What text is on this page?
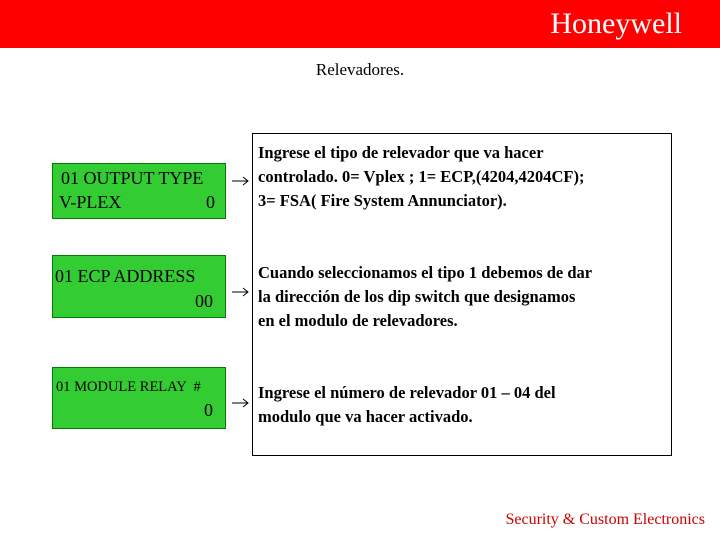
Honeywell
Relevadores.
01 OUTPUT TYPE
V-PLEX	0
01 ECP ADDRESS
00
01 MODULE RELAY  #
0
Ingrese el tipo de relevador que va hacer
controlado. 0= Vplex ; 1= ECP,(4204,4204CF);
3= FSA( Fire System Annunciator).
Cuando seleccionamos el tipo 1 debemos de dar
la dirección de los dip switch que designamos
en el modulo de relevadores.
Ingrese el número de relevador 01 – 04 del
modulo que va hacer activado.
Security & Custom Electronics
